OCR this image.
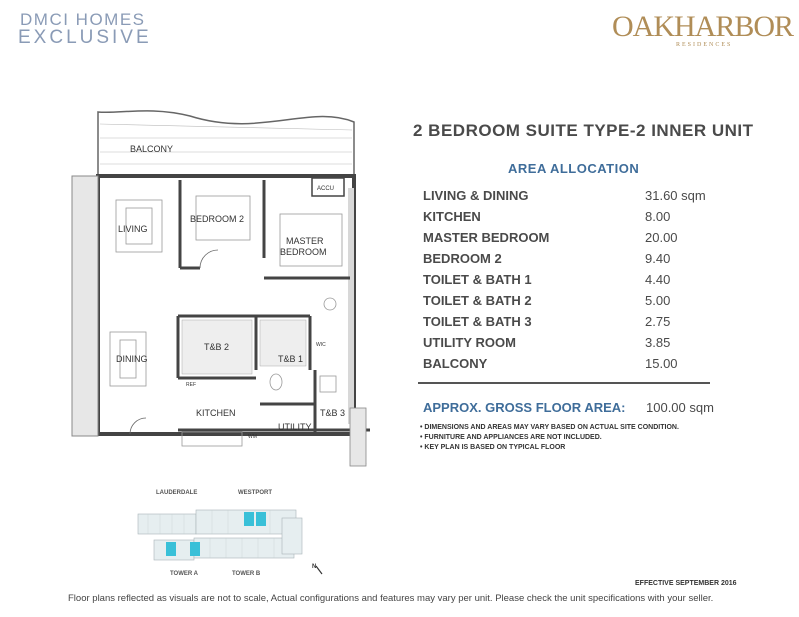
DMCI HOMES
EXCLUSIVE	OAKHARBOR
RESIDENCES
BALCONY
ACCU
LIVING
BEDROOM 2
MASTER
BEDROOM
DINING
T&B 2
T&B 1
T&B 3
KITCHEN
UTILITY
WIC
REF
WM
2 BEDROOM SUITE TYPE-2 INNER UNIT
AREA ALLOCATION
LIVING & DINING	31.60 sqm
KITCHEN	8.00
MASTER BEDROOM	20.00
BEDROOM 2	9.40
TOILET & BATH 1	4.40
TOILET & BATH 2	5.00
TOILET & BATH 3	2.75
UTILITY ROOM	3.85
BALCONY	15.00
APPROX. GROSS FLOOR AREA: 100.00 sqm
• DIMENSIONS AND AREAS MAY VARY BASED ON ACTUAL SITE CONDITION.
• FURNITURE AND APPLIANCES ARE NOT INCLUDED.
• KEY PLAN IS BASED ON TYPICAL FLOOR
LAUDERDALE	WESTPORT
N
TOWER A	TOWER B
EFFECTIVE SEPTEMBER 2016
Floor plans reflected as visuals are not to scale, Actual configurations and features may vary per unit. Please check the unit specifications with your seller.
